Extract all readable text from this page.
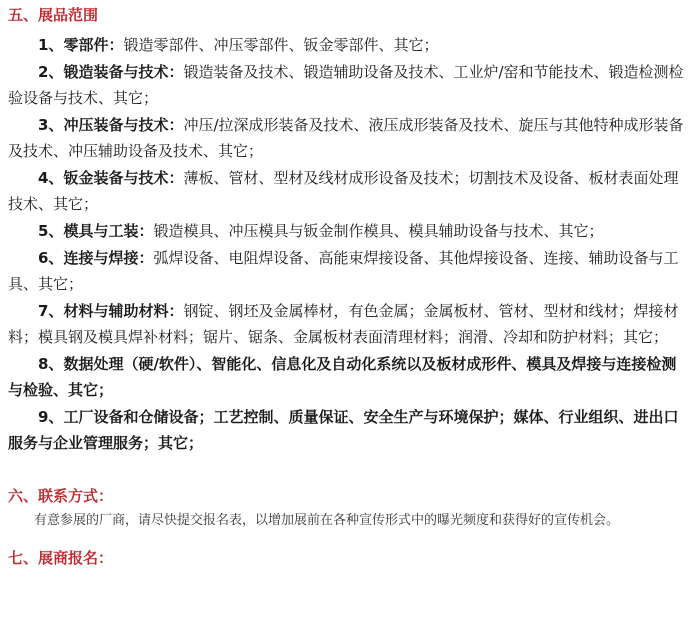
五、展品范围
1、零部件：锻造零部件、冲压零部件、钣金零部件、其它；
2、锻造装备与技术：锻造装备及技术、锻造辅助设备及技术、工业炉/窑和节能技术、锻造检测检验设备与技术、其它；
3、冲压装备与技术：冲压/拉深成形装备及技术、液压成形装备及技术、旋压与其他特种成形装备及技术、冲压辅助设备及技术、其它；
4、钣金装备与技术：薄板、管材、型材及线材成形设备及技术；切割技术及设备、板材表面处理技术、其它；
5、模具与工装：锻造模具、冲压模具与钣金制作模具、模具辅助设备与技术、其它；
6、连接与焊接：弧焊设备、电阻焊设备、高能束焊接设备、其他焊接设备、连接、辅助设备与工具、其它；
7、材料与辅助材料：钢锭、钢坯及金属棒材，有色金属；金属板材、管材、型材和线材；焊接材料；模具钢及模具焊补材料；锯片、锯条、金属板材表面清理材料；润滑、冷却和防护材料；其它；
8、数据处理（硬/软件）、智能化、信息化及自动化系统以及板材成形件、模具及焊接与连接检测与检验、其它；
9、工厂设备和仓储设备；工艺控制、质量保证、安全生产与环境保护；媒体、行业组织、进出口服务与企业管理服务；其它；
六、联系方式：

有意参展的厂商，请尽快提交报名表，以增加展前在各种宣传形式中的曝光频度和获得好的宣传机会。

七、展商报名：
